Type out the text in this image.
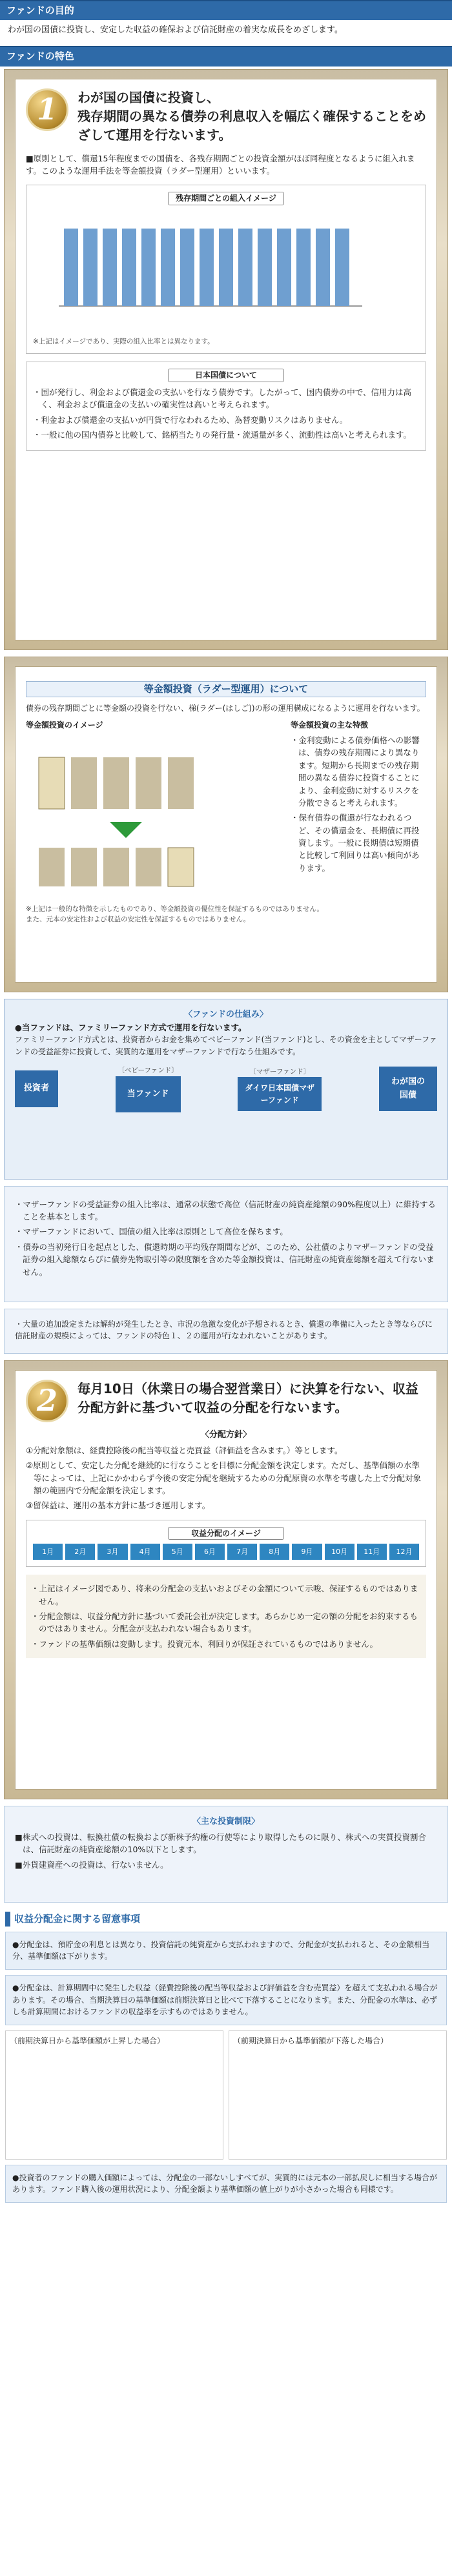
ファンドの目的
わが国の国債に投資し、安定した収益の確保および信託財産の着実な成長をめざします。
ファンドの特色
1	わが国の国債に投資し、
残存期間の異なる債券の利息収入を幅広く確保することをめざして運用を行ないます。

■原則として、償還15年程度までの国債を、各残存期間ごとの投資金額がほぼ同程度となるように組入れます。このような運用手法を等金額投資（ラダー型運用）といいます。

残存期間ごとの組入イメージ
※上記はイメージであり、実際の組入比率とは異なります。
日本国債について

・国が発行し、利金および償還金の支払いを行なう債券です。したがって、国内債券の中で、信用力は高く、利金および償還金の支払いの確実性は高いと考えられます。

・利金および償還金の支払いが円貨で行なわれるため、為替変動リスクはありません。

・一般に他の国内債券と比較して、銘柄当たりの発行量・流通量が多く、流動性は高いと考えられます。

等金額投資（ラダー型運用）について

債券の残存期間ごとに等金額の投資を行ない、梯(ラダー(はしご))の形の運用構成になるように運用を行ないます。

等金額投資のイメージ	等金額投資の主な特徴

・金利変動による債券価格への影響は、債券の残存期間により異なります。短期から長期までの残存期間の異なる債券に投資することにより、金利変動に対するリスクを分散できると考えられます。

・保有債券の償還が行なわれるつど、その償還金を、長期債に再投資します。一般に長期債は短期債と比較して利回りは高い傾向があります。

※上記は一般的な特徴を示したものであり、等金額投資の優位性を保証するものではありません。
また、元本の安定性および収益の安定性を保証するものではありません。
〈ファンドの仕組み〉

●当ファンドは、ファミリーファンド方式で運用を行ないます。

ファミリーファンド方式とは、投資者からお金を集めてベビーファンド(当ファンド)とし、その資金を主としてマザーファンドの受益証券に投資して、実質的な運用をマザーファンドで行なう仕組みです。

投資者
〔ベビーファンド〕
当ファンド
〔マザーファンド〕
ダイワ日本国債マザーファンド
わが国の国債

・マザーファンドの受益証券の組入比率は、通常の状態で高位（信託財産の純資産総額の90%程度以上）に維持することを基本とします。

・マザーファンドにおいて、国債の組入比率は原則として高位を保ちます。

・債券の当初発行日を起点とした、償還時期の平均残存期間などが、このため、公社債のよりマザーファンドの受益証券の組入総額ならびに債券先物取引等の限度額を含めた等金額投資は、信託財産の純資産総額を超えて行ないません。

・大量の追加設定または解約が発生したとき、市況の急激な変化が予想されるとき、償還の準備に入ったとき等ならびに信託財産の規模によっては、ファンドの特色１、２の運用が行なわれないことがあります。

2	毎月10日（休業日の場合翌営業日）に決算を行ない、収益分配方針に基づいて収益の分配を行ないます。
〈分配方針〉

①分配対象額は、経費控除後の配当等収益と売買益（評価益を含みます。）等とします。

②原則として、安定した分配を継続的に行なうことを目標に分配金額を決定します。ただし、基準価額の水準等によっては、上記にかかわらず今後の安定分配を継続するための分配原資の水準を考慮した上で分配対象額の範囲内で分配金額を決定します。

③留保益は、運用の基本方針に基づき運用します。

収益分配のイメージ
1月	2月	3月	4月	5月	6月	7月	8月	9月	10月	11月	12月

・上記はイメージ図であり、将来の分配金の支払いおよびその金額について示唆、保証するものではありません。

・分配金額は、収益分配方針に基づいて委託会社が決定します。あらかじめ一定の額の分配をお約束するものではありません。分配金が支払われない場合もあります。

・ファンドの基準価額は変動します。投資元本、利回りが保証されているものではありません。

〈主な投資制限〉

■株式への投資は、転換社債の転換および新株予約権の行使等により取得したものに限り、株式への実質投資割合は、信託財産の純資産総額の10%以下とします。

■外貨建資産への投資は、行ないません。

収益分配金に関する留意事項
●分配金は、預貯金の利息とは異なり、投資信託の純資産から支払われますので、分配金が支払われると、その金額相当分、基準価額は下がります。
●分配金は、計算期間中に発生した収益（経費控除後の配当等収益および評価益を含む売買益）を超えて支払われる場合があります。その場合、当期決算日の基準価額は前期決算日と比べて下落することになります。また、分配金の水準は、必ずしも計算期間におけるファンドの収益率を示すものではありません。
（前期決算日から基準価額が上昇した場合）	（前期決算日から基準価額が下落した場合）
●投資者のファンドの購入価額によっては、分配金の一部ないしすべてが、実質的には元本の一部払戻しに相当する場合があります。ファンド購入後の運用状況により、分配金額より基準価額の値上がりが小さかった場合も同様です。
